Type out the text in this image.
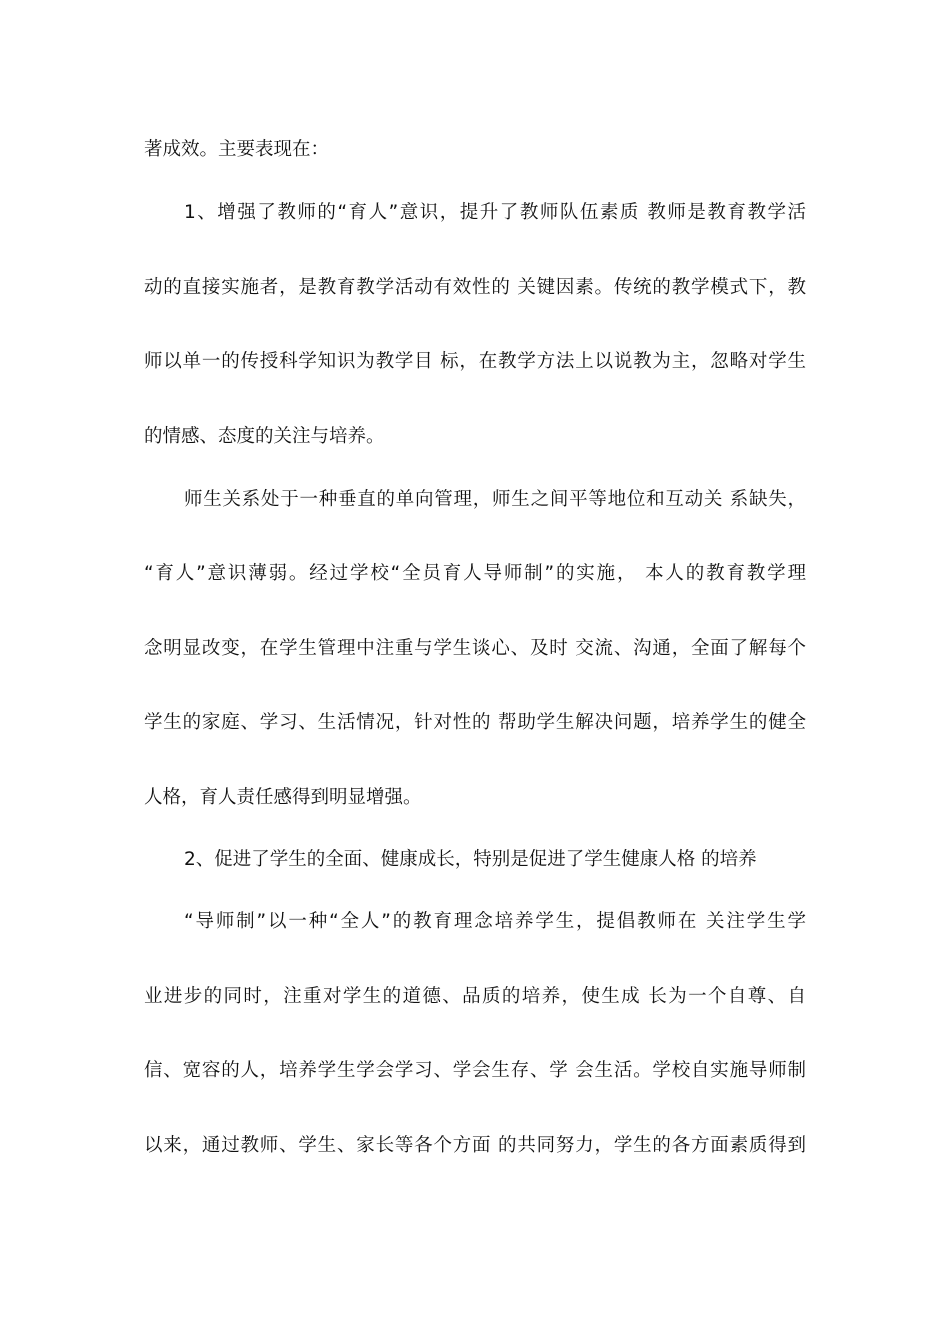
著成效。主要表现在：
1、增强了教师的“育人”意识，提升了教师队伍素质 教师是教育教学活
动的直接实施者，是教育教学活动有效性的 关键因素。传统的教学模式下，教
师以单一的传授科学知识为教学目 标，在教学方法上以说教为主，忽略对学生
的情感、态度的关注与培养。
师生关系处于一种垂直的单向管理，师生之间平等地位和互动关 系缺失，
“育人”意识薄弱。经过学校“全员育人导师制”的实施， 本人的教育教学理
念明显改变，在学生管理中注重与学生谈心、及时 交流、沟通，全面了解每个
学生的家庭、学习、生活情况，针对性的 帮助学生解决问题，培养学生的健全
人格，育人责任感得到明显增强。
2、促进了学生的全面、健康成长，特别是促进了学生健康人格 的培养
“导师制”以一种“全人”的教育理念培养学生，提倡教师在 关注学生学
业进步的同时，注重对学生的道德、品质的培养，使生成 长为一个自尊、自
信、宽容的人，培养学生学会学习、学会生存、学 会生活。学校自实施导师制
以来，通过教师、学生、家长等各个方面 的共同努力，学生的各方面素质得到
